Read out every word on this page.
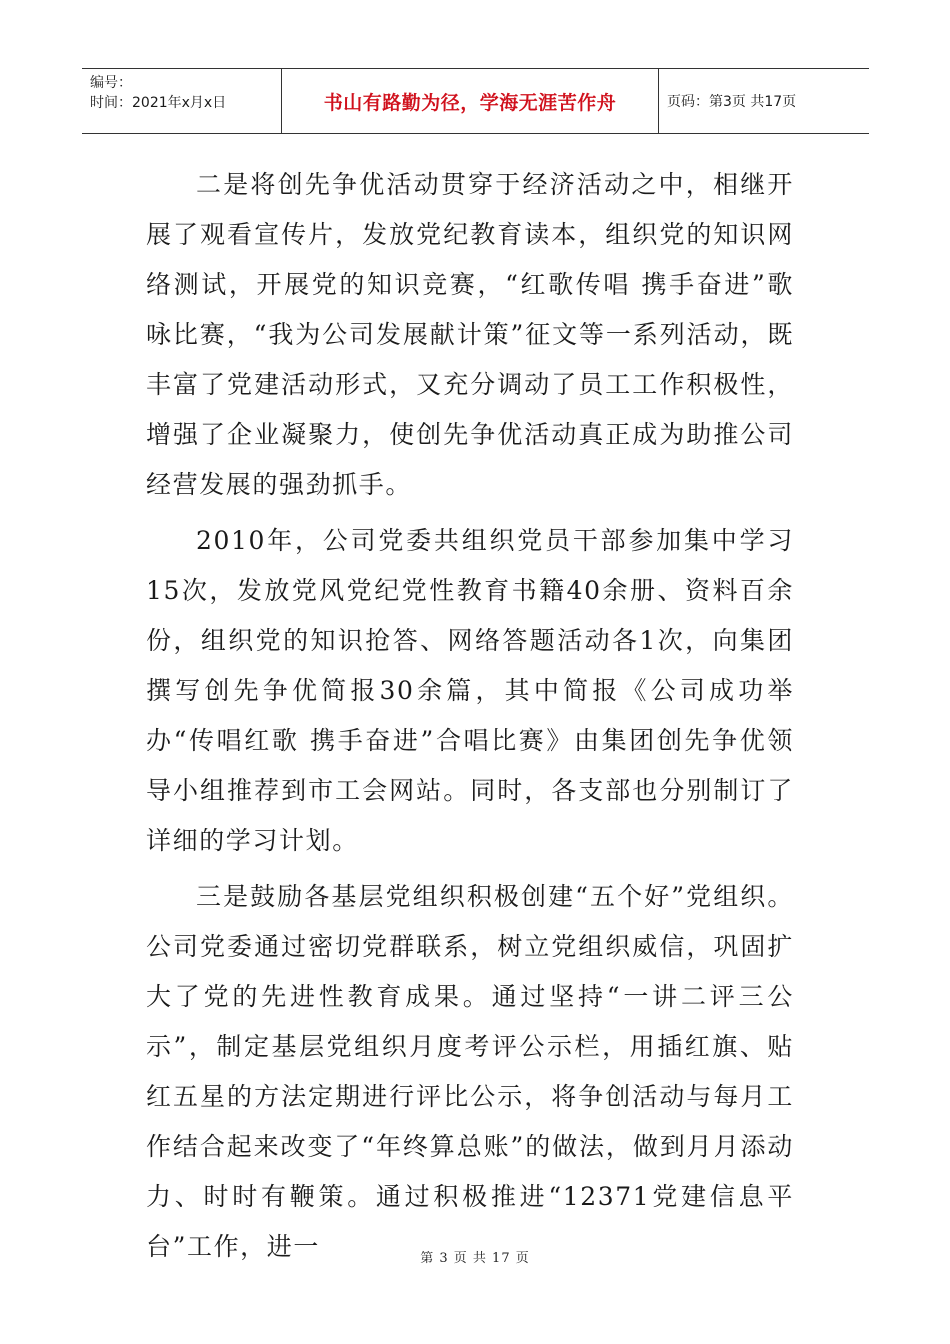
编号：
时间：2021年x月x日	书山有路勤为径，学海无涯苦作舟	页码：第3页 共17页

二是将创先争优活动贯穿于经济活动之中，相继开展了观看宣传片，发放党纪教育读本，组织党的知识网络测试，开展党的知识竞赛，“红歌传唱 携手奋进”歌咏比赛，“我为公司发展献计策”征文等一系列活动，既丰富了党建活动形式，又充分调动了员工工作积极性，增强了企业凝聚力，使创先争优活动真正成为助推公司经营发展的强劲抓手。

2010年，公司党委共组织党员干部参加集中学习15次，发放党风党纪党性教育书籍40余册、资料百余份，组织党的知识抢答、网络答题活动各1次，向集团撰写创先争优简报30余篇，其中简报《公司成功举办“传唱红歌 携手奋进”合唱比赛》由集团创先争优领导小组推荐到市工会网站。同时，各支部也分别制订了详细的学习计划。

三是鼓励各基层党组织积极创建“五个好”党组织。公司党委通过密切党群联系，树立党组织威信，巩固扩大了党的先进性教育成果。通过坚持“一讲二评三公示”，制定基层党组织月度考评公示栏，用插红旗、贴红五星的方法定期进行评比公示，将争创活动与每月工作结合起来改变了“年终算总账”的做法，做到月月添动力、时时有鞭策。通过积极推进“12371党建信息平台”工作，进一	第 3 页 共 17 页
